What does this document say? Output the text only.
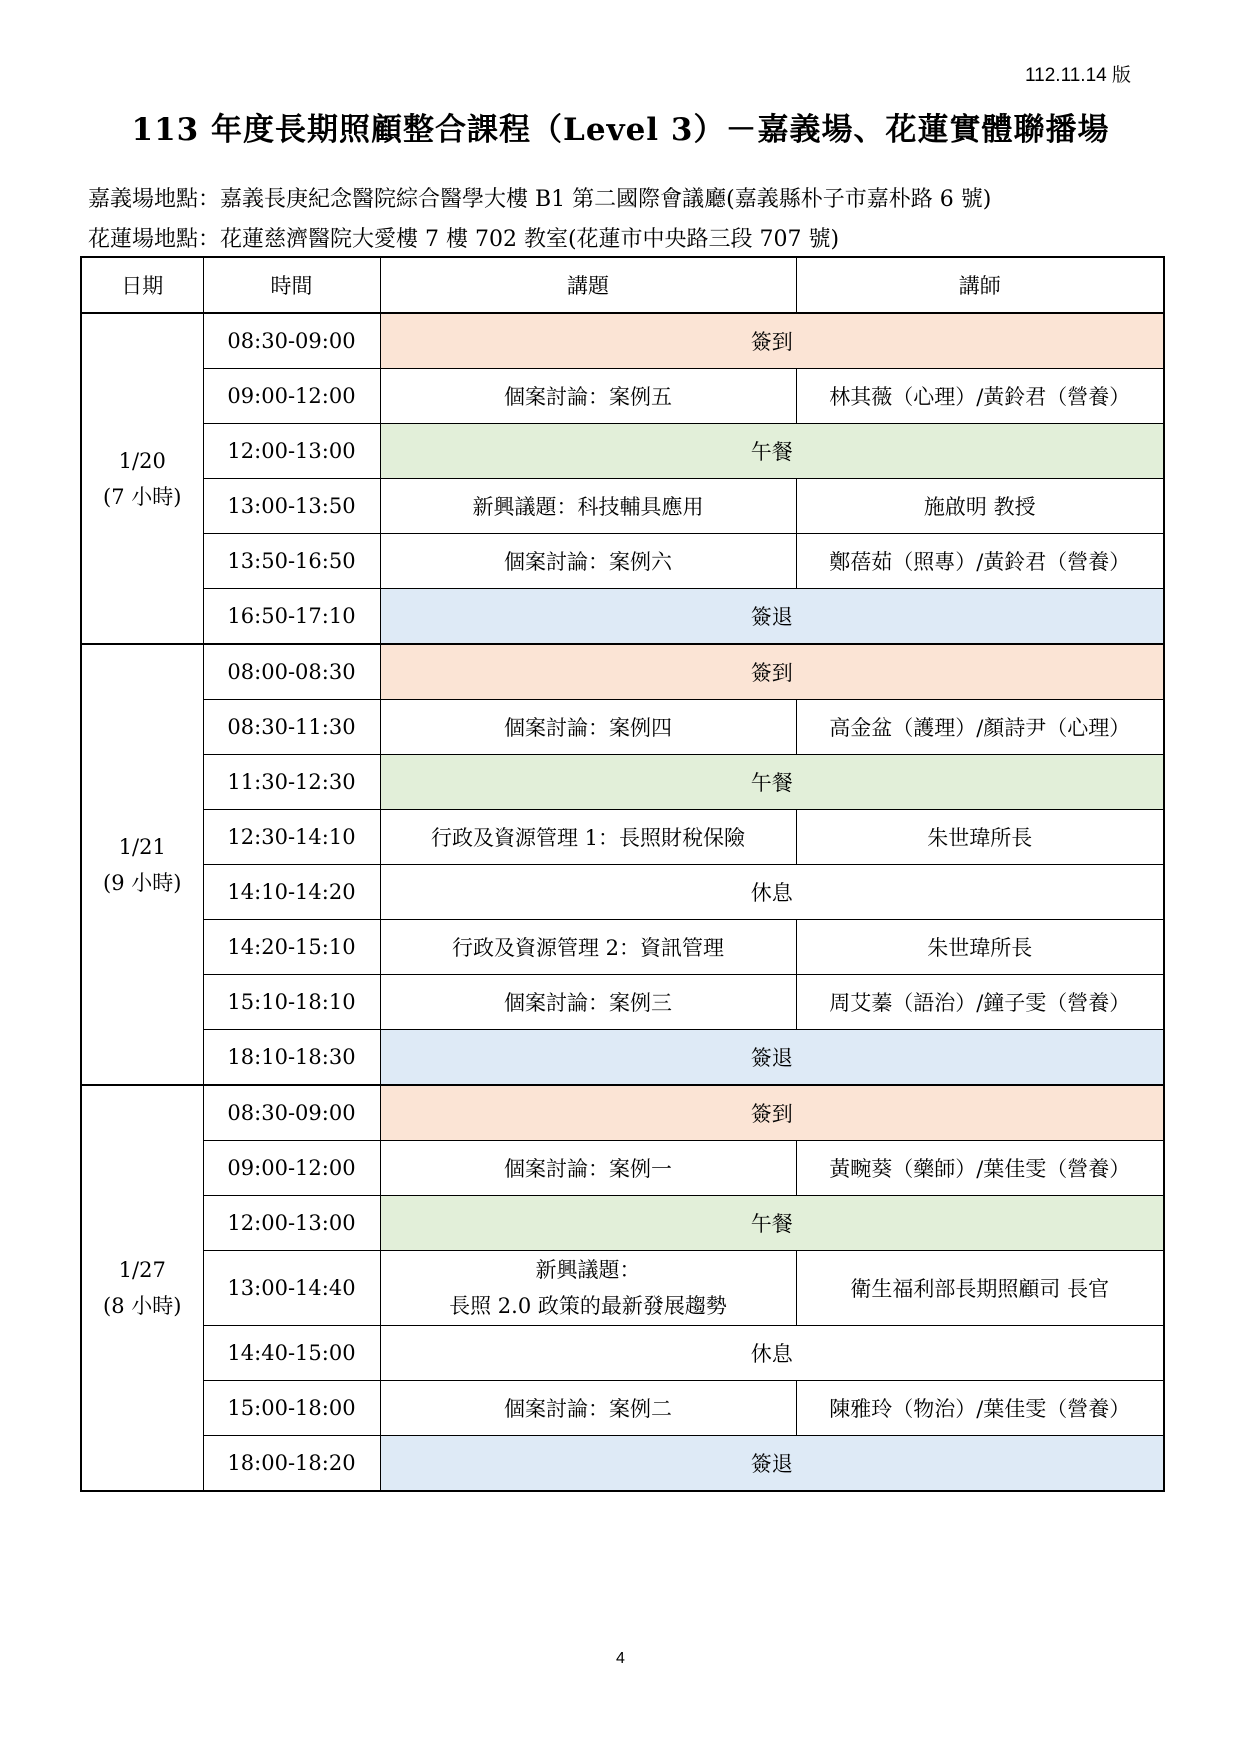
112.11.14 版
113 年度長期照顧整合課程（Level 3）－嘉義場、花蓮實體聯播場
嘉義場地點：嘉義長庚紀念醫院綜合醫學大樓 B1 第二國際會議廳(嘉義縣朴子市嘉朴路 6 號)
花蓮場地點：花蓮慈濟醫院大愛樓 7 樓 702 教室(花蓮市中央路三段 707 號)
日期	時間	講題	講師
1/20
(7 小時)	08:30-09:00	簽到	
	09:00-12:00	個案討論：案例五	林其薇（心理）/黃鈴君（營養）
	12:00-13:00	午餐	
	13:00-13:50	新興議題：科技輔具應用	施啟明 教授
	13:50-16:50	個案討論：案例六	鄭蓓茹（照專）/黃鈴君（營養）
	16:50-17:10	簽退	
1/21
(9 小時)	08:00-08:30	簽到	
	08:30-11:30	個案討論：案例四	高金盆（護理）/顏詩尹（心理）
	11:30-12:30	午餐	
	12:30-14:10	行政及資源管理 1：長照財稅保險	朱世瑋所長
	14:10-14:20	休息	
	14:20-15:10	行政及資源管理 2：資訊管理	朱世瑋所長
	15:10-18:10	個案討論：案例三	周艾蓁（語治）/鐘子雯（營養）
	18:10-18:30	簽退	
1/27
(8 小時)	08:30-09:00	簽到	
	09:00-12:00	個案討論：案例一	黃畹葵（藥師）/葉佳雯（營養）
	12:00-13:00	午餐	
	13:00-14:40	新興議題：
長照 2.0 政策的最新發展趨勢	衛生福利部長期照顧司 長官
	14:40-15:00	休息	
	15:00-18:00	個案討論：案例二	陳雅玲（物治）/葉佳雯（營養）
	18:00-18:20	簽退	
4
